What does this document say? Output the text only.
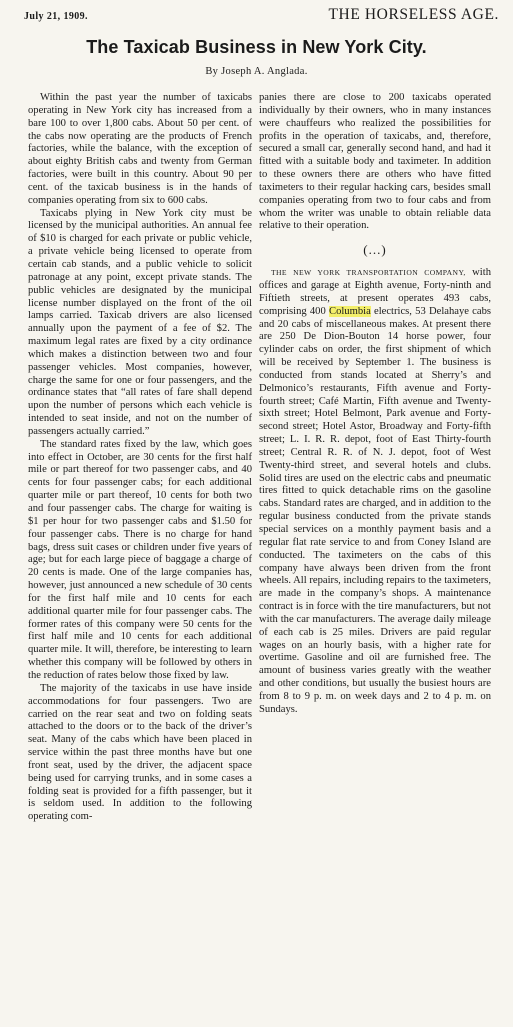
July 21, 1909.	THE HORSELESS AGE.
The Taxicab Business in New York City.
By Joseph A. Anglada.

Within the past year the number of taxicabs operating in New York city has increased from a bare 100 to over 1,800 cabs. About 50 per cent. of the cabs now operating are the products of French factories, while the balance, with the exception of about eighty British cabs and twenty from German factories, were built in this country. About 90 per cent. of the taxicab business is in the hands of companies operating from six to 600 cabs.

Taxicabs plying in New York city must be licensed by the municipal authorities. An annual fee of $10 is charged for each private or public vehicle, a private vehicle being licensed to operate from certain cab stands, and a public vehicle to solicit patronage at any point, except private stands. The public vehicles are designated by the municipal license number displayed on the front of the oil lamps carried. Taxicab drivers are also licensed annually upon the payment of a fee of $2. The maximum legal rates are fixed by a city ordinance which makes a distinction between two and four passenger vehicles. Most companies, however, charge the same for one or four passengers, and the ordinance states that “all rates of fare shall depend upon the number of persons which each vehicle is intended to seat inside, and not on the number of passengers actually carried.”

The standard rates fixed by the law, which goes into effect in October, are 30 cents for the first half mile or part thereof for two passenger cabs, and 40 cents for four passenger cabs; for each additional quarter mile or part thereof, 10 cents for both two and four passenger cabs. The charge for waiting is $1 per hour for two passenger cabs and $1.50 for four passenger cabs. There is no charge for hand bags, dress suit cases or children under five years of age; but for each large piece of baggage a charge of 20 cents is made. One of the large companies has, however, just announced a new schedule of 30 cents for the first half mile and 10 cents for each additional quarter mile for four passenger cabs. The former rates of this company were 50 cents for the first half mile and 10 cents for each additional quarter mile. It will, therefore, be interesting to learn whether this company will be followed by others in the reduction of rates below those fixed by law.

The majority of the taxicabs in use have inside accommodations for four passengers. Two are carried on the rear seat and two on folding seats attached to the doors or to the back of the driver’s seat. Many of the cabs which have been placed in service within the past three months have but one front seat, used by the driver, the adjacent space being used for carrying trunks, and in some cases a folding seat is provided for a fifth passenger, but it is seldom used. In addition to the following operating com-

panies there are close to 200 taxicabs operated individually by their owners, who in many instances were chauffeurs who realized the possibilities for profits in the operation of taxicabs, and, therefore, secured a small car, generally second hand, and had it fitted with a suitable body and taximeter. In addition to these owners there are others who have fitted taximeters to their regular hacking cars, besides small companies operating from two to four cabs and from whom the writer was unable to obtain reliable data relative to their operation.

(...)

THE NEW YORK TRANSPORTATION COMPANY, with offices and garage at Eighth avenue, Forty-ninth and Fiftieth streets, at present operates 493 cabs, comprising 400 Columbia electrics, 53 Delahaye cabs and 20 cabs of miscellaneous makes. At present there are 250 De Dion-Bouton 14 horse power, four cylinder cabs on order, the first shipment of which will be received by September 1. The business is conducted from stands located at Sherry’s and Delmonico’s restaurants, Fifth avenue and Forty-fourth street; Café Martin, Fifth avenue and Twenty-sixth street; Hotel Belmont, Park avenue and Forty-second street; Hotel Astor, Broadway and Forty-fifth street; L. I. R. R. depot, foot of East Thirty-fourth street; Central R. R. of N. J. depot, foot of West Twenty-third street, and several hotels and clubs. Solid tires are used on the electric cabs and pneumatic tires fitted to quick detachable rims on the gasoline cabs. Standard rates are charged, and in addition to the regular business conducted from the private stands special services on a monthly payment basis and a regular flat rate service to and from Coney Island are conducted. The taximeters on the cabs of this company have always been driven from the front wheels. All repairs, including repairs to the taximeters, are made in the company’s shops. A maintenance contract is in force with the tire manufacturers, but not with the car manufacturers. The average daily mileage of each cab is 25 miles. Drivers are paid regular wages on an hourly basis, with a higher rate for overtime. Gasoline and oil are furnished free. The amount of business varies greatly with the weather and other conditions, but usually the busiest hours are from 8 to 9 p. m. on week days and 2 to 4 p. m. on Sundays.
